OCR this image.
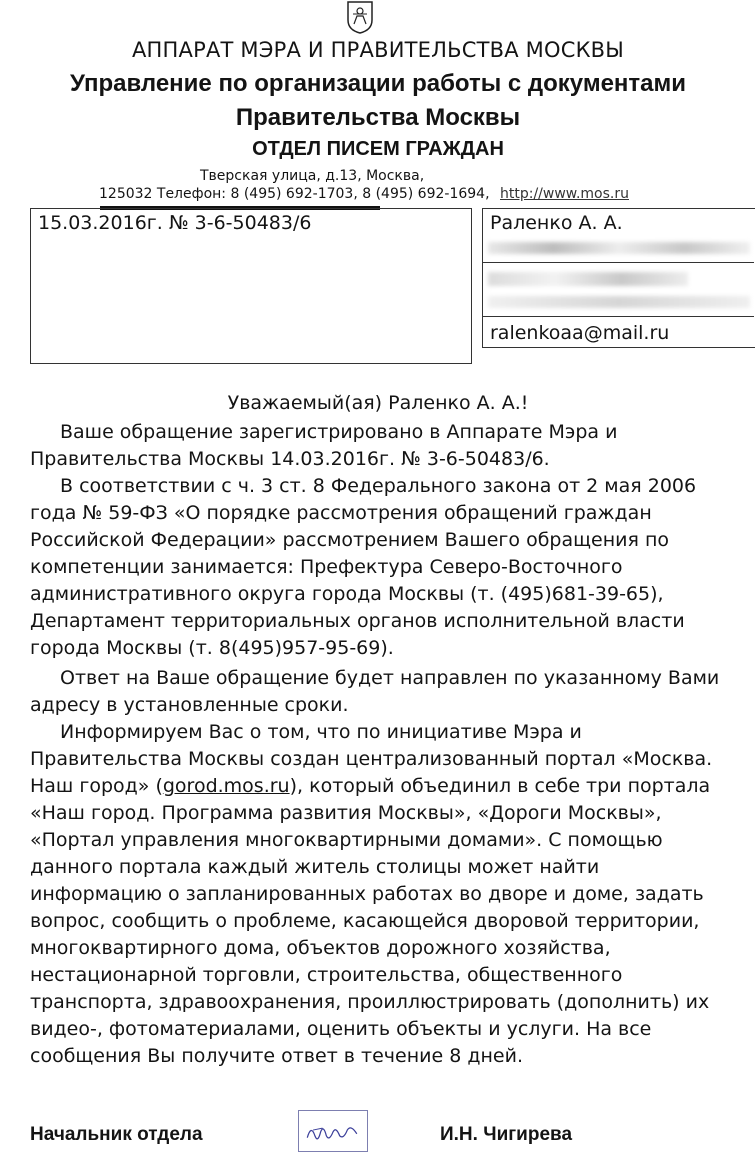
АППАРАТ МЭРА И ПРАВИТЕЛЬСТВА МОСКВЫ
Управление по организации работы с документами
Правительства Москвы
ОТДЕЛ ПИСЕМ ГРАЖДАН
Тверская улица, д.13, Москва,
125032 Телефон: 8 (495) 692-1703, 8 (495) 692-1694, http://www.mos.ru
15.03.2016г. № 3-6-50483/6	Раленко А. А.
ralenkoaa@mail.ru
Уважаемый(ая) Раленко А. А.!
Ваше обращение зарегистрировано в Аппарате Мэра и
Правительства Москвы 14.03.2016г. № 3-6-50483/6.
В соответствии с ч. 3 ст. 8 Федерального закона от 2 мая 2006
года № 59-ФЗ «О порядке рассмотрения обращений граждан Российской Федерации» рассмотрением Вашего обращения по компетенции занимается: Префектура Северо-Восточного административного округа города Москвы (т. (495)681-39-65), Департамент территориальных органов исполнительной власти города Москвы (т. 8(495)957-95-69).
Ответ на Ваше обращение будет направлен по указанному Вами
адресу в установленные сроки.
Информируем Вас о том, что по инициативе Мэра и
Правительства Москвы создан централизованный портал «Москва. Наш город» (gorod.mos.ru), который объединил в себе три портала «Наш город. Программа развития Москвы», «Дороги Москвы», «Портал управления многоквартирными домами». С помощью данного портала каждый житель столицы может найти информацию о запланированных работах во дворе и доме, задать вопрос, сообщить о проблеме, касающейся дворовой территории, многоквартирного дома, объектов дорожного хозяйства, нестационарной торговли, строительства, общественного транспорта, здравоохранения, проиллюстрировать (дополнить) их видео-, фотоматериалами, оценить объекты и услуги. На все сообщения Вы получите ответ в течение 8 дней.
Начальник отдела	И.Н. Чигирева
